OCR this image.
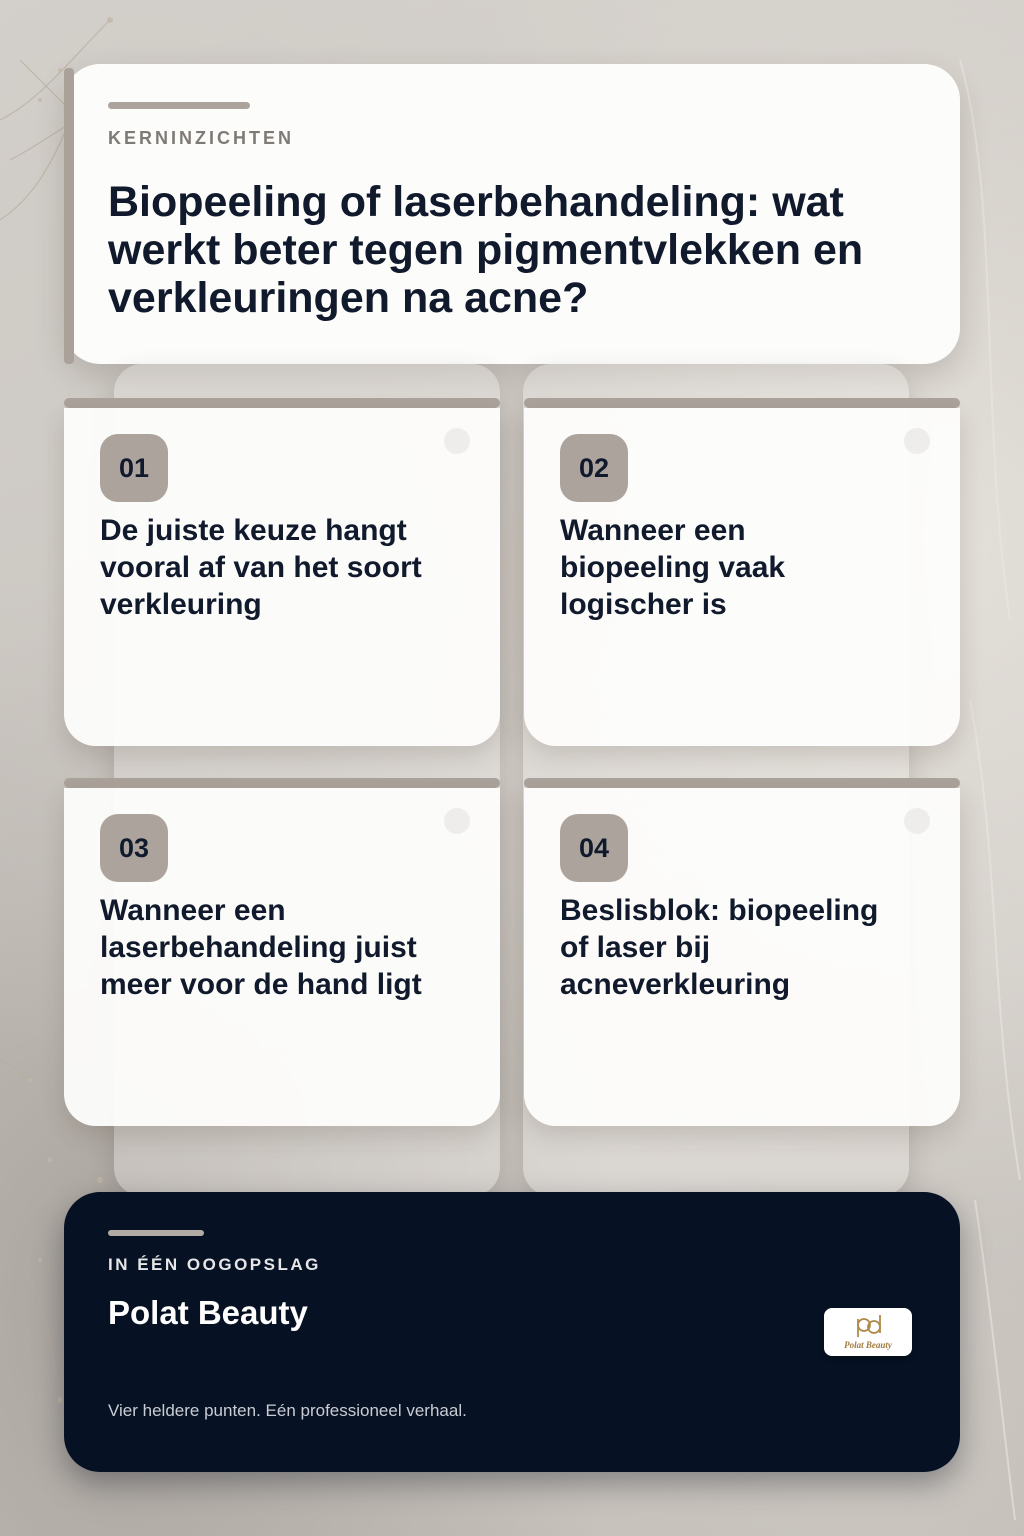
KERNINZICHTEN
Biopeeling of laserbehandeling: wat werkt beter tegen pigmentvlekken en verkleuringen na acne?
01
De juiste keuze hangt vooral af van het soort verkleuring
02
Wanneer een biopeeling vaak logischer is
03
Wanneer een laserbehandeling juist meer voor de hand ligt
04
Beslisblok: biopeeling of laser bij acneverkleuring
IN ÉÉN OOGOPSLAG
Polat Beauty
Vier heldere punten. Eén professioneel verhaal.
Polat Beauty
